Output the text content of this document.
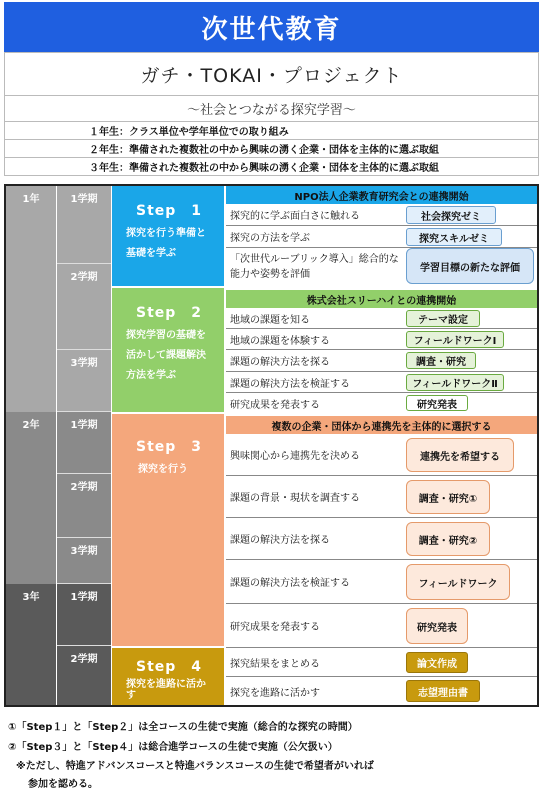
次世代教育
ガチ・TOKAI・プロジェクト
～社会とつながる探究学習～
１年生：クラス単位や学年単位での取り組み
２年生：準備された複数社の中から興味の湧く企業・団体を主体的に選ぶ取組
３年生：準備された複数社の中から興味の湧く企業・団体を主体的に選ぶ取組
1年
2年
3年
1学期
2学期
3学期
1学期
2学期
3学期
1学期
2学期
Step　1
探究を行う準備と基礎を学ぶ
Step　2
探究学習の基礎を活かして課題解決方法を学ぶ
Step　3
探究を行う
Step　4
探究を進路に活かす
NPO法人企業教育研究会との連携開始
株式会社スリーハイとの連携開始
複数の企業・団体から連携先を主体的に選択する
探究的に学ぶ面白さに触れる
探究の方法を学ぶ
「次世代ルーブリック導入」総合的な能力や姿勢を評価
社会探究ゼミ
探究スキルゼミ
学習目標の新たな評価
地域の課題を知る
地域の課題を体験する
課題の解決方法を探る
課題の解決方法を検証する
研究成果を発表する
テーマ設定
フィールドワークⅠ
調査・研究
フィールドワークⅡ
研究発表
興味関心から連携先を決める
課題の背景・現状を調査する
課題の解決方法を探る
課題の解決方法を検証する
研究成果を発表する
連携先を希望する
調査・研究①
調査・研究②
フィールドワーク
研究発表
探究結果をまとめる
探究を進路に活かす
論文作成
志望理由書
①「Step１」と「Step２」は全コースの生徒で実施（総合的な探究の時間）
②「Step３」と「Step４」は総合進学コースの生徒で実施（公欠扱い）
※ただし、特進アドバンスコースと特進バランスコースの生徒で希望者がいれば
参加を認める。
